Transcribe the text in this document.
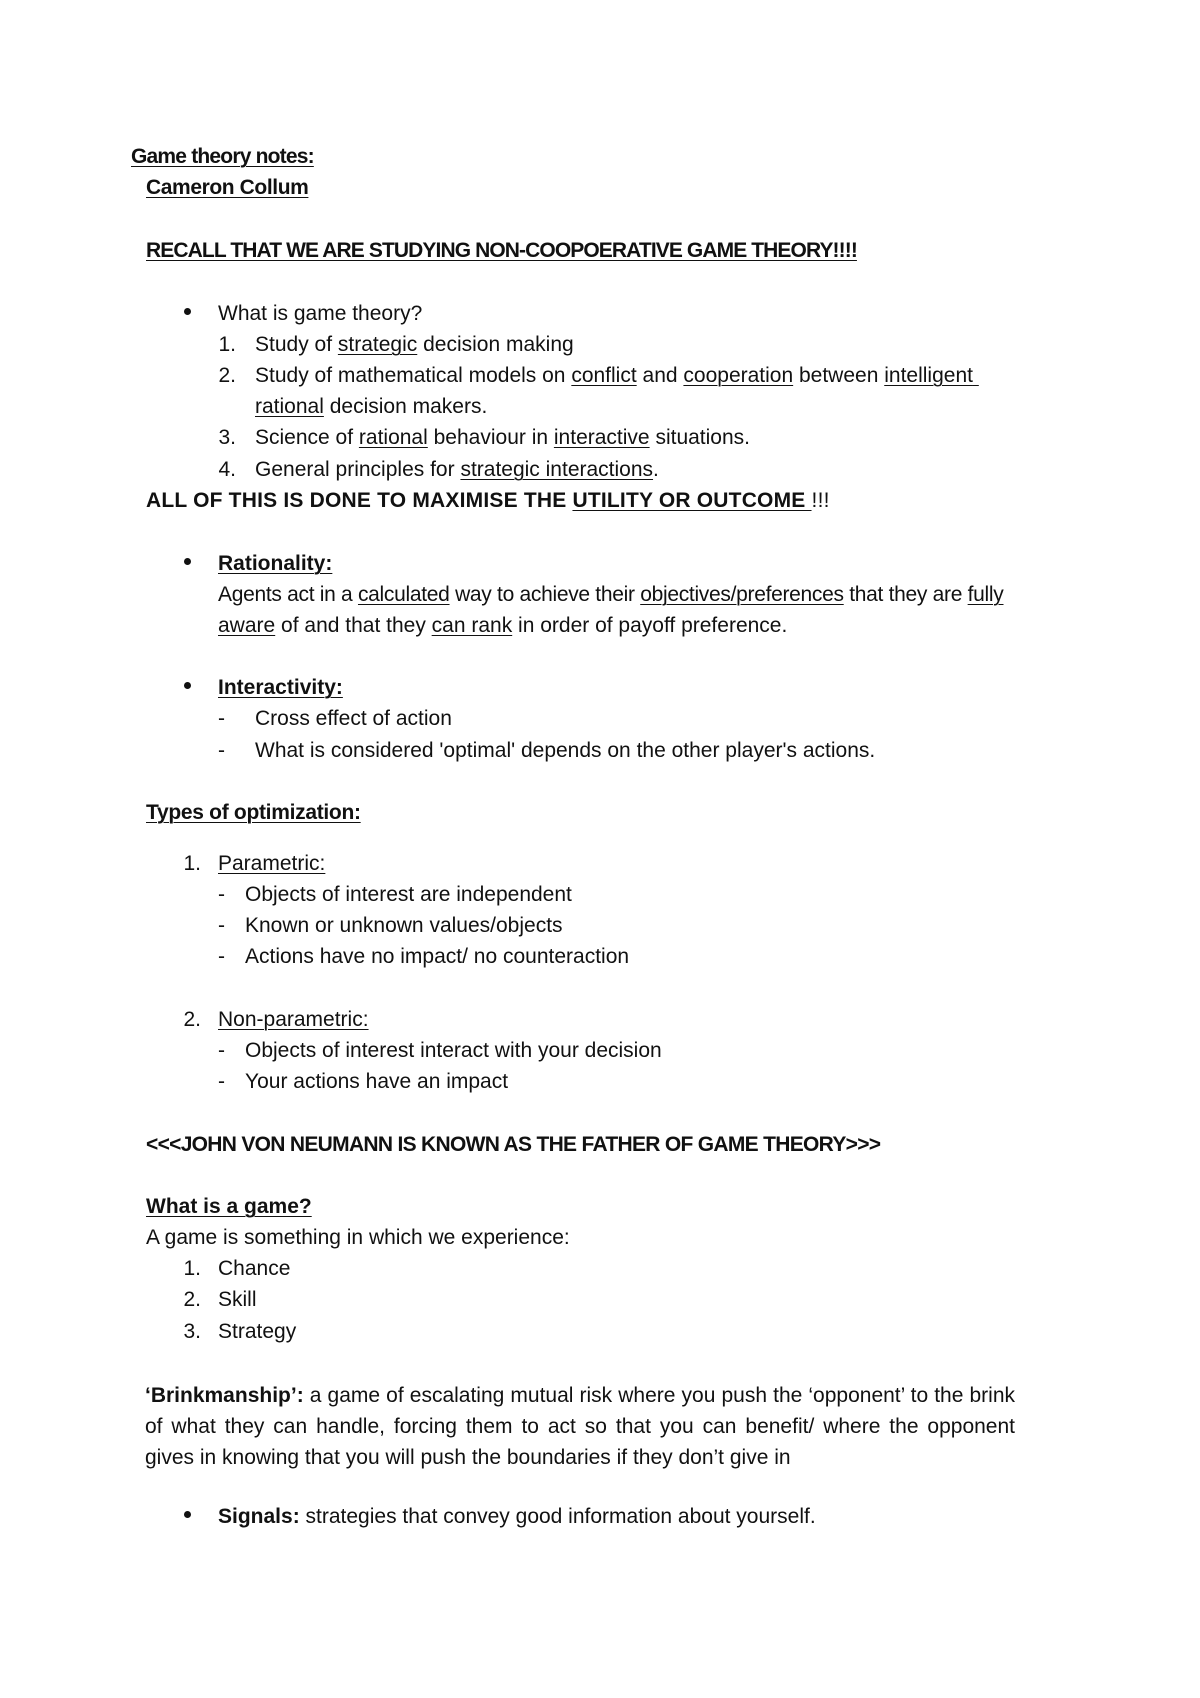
Game theory notes:
Cameron Collum
RECALL THAT WE ARE STUDYING NON-COOPOERATIVE GAME THEORY!!!!
What is game theory?
1. Study of strategic decision making
2. Study of mathematical models on conflict and cooperation between intelligent
rational decision makers.
3. Science of rational behaviour in interactive situations.
4. General principles for strategic interactions.
ALL OF THIS IS DONE TO MAXIMISE THE UTILITY OR OUTCOME !!!
Rationality:
Agents act in a calculated way to achieve their objectives/preferences that they are fully
aware of and that they can rank in order of payoff preference.
Interactivity:
- Cross effect of action
- What is considered 'optimal' depends on the other player's actions.
Types of optimization:
1. Parametric:
- Objects of interest are independent
- Known or unknown values/objects
- Actions have no impact/ no counteraction
2. Non-parametric:
- Objects of interest interact with your decision
- Your actions have an impact
<<<JOHN VON NEUMANN IS KNOWN AS THE FATHER OF GAME THEORY>>>
What is a game?
A game is something in which we experience:
1. Chance
2. Skill
3. Strategy
‘Brinkmanship’: a game of escalating mutual risk where you push the ‘opponent’ to the brink of what they can handle, forcing them to act so that you can benefit/ where the opponent gives in knowing that you will push the boundaries if they don’t give in
Signals: strategies that convey good information about yourself.
